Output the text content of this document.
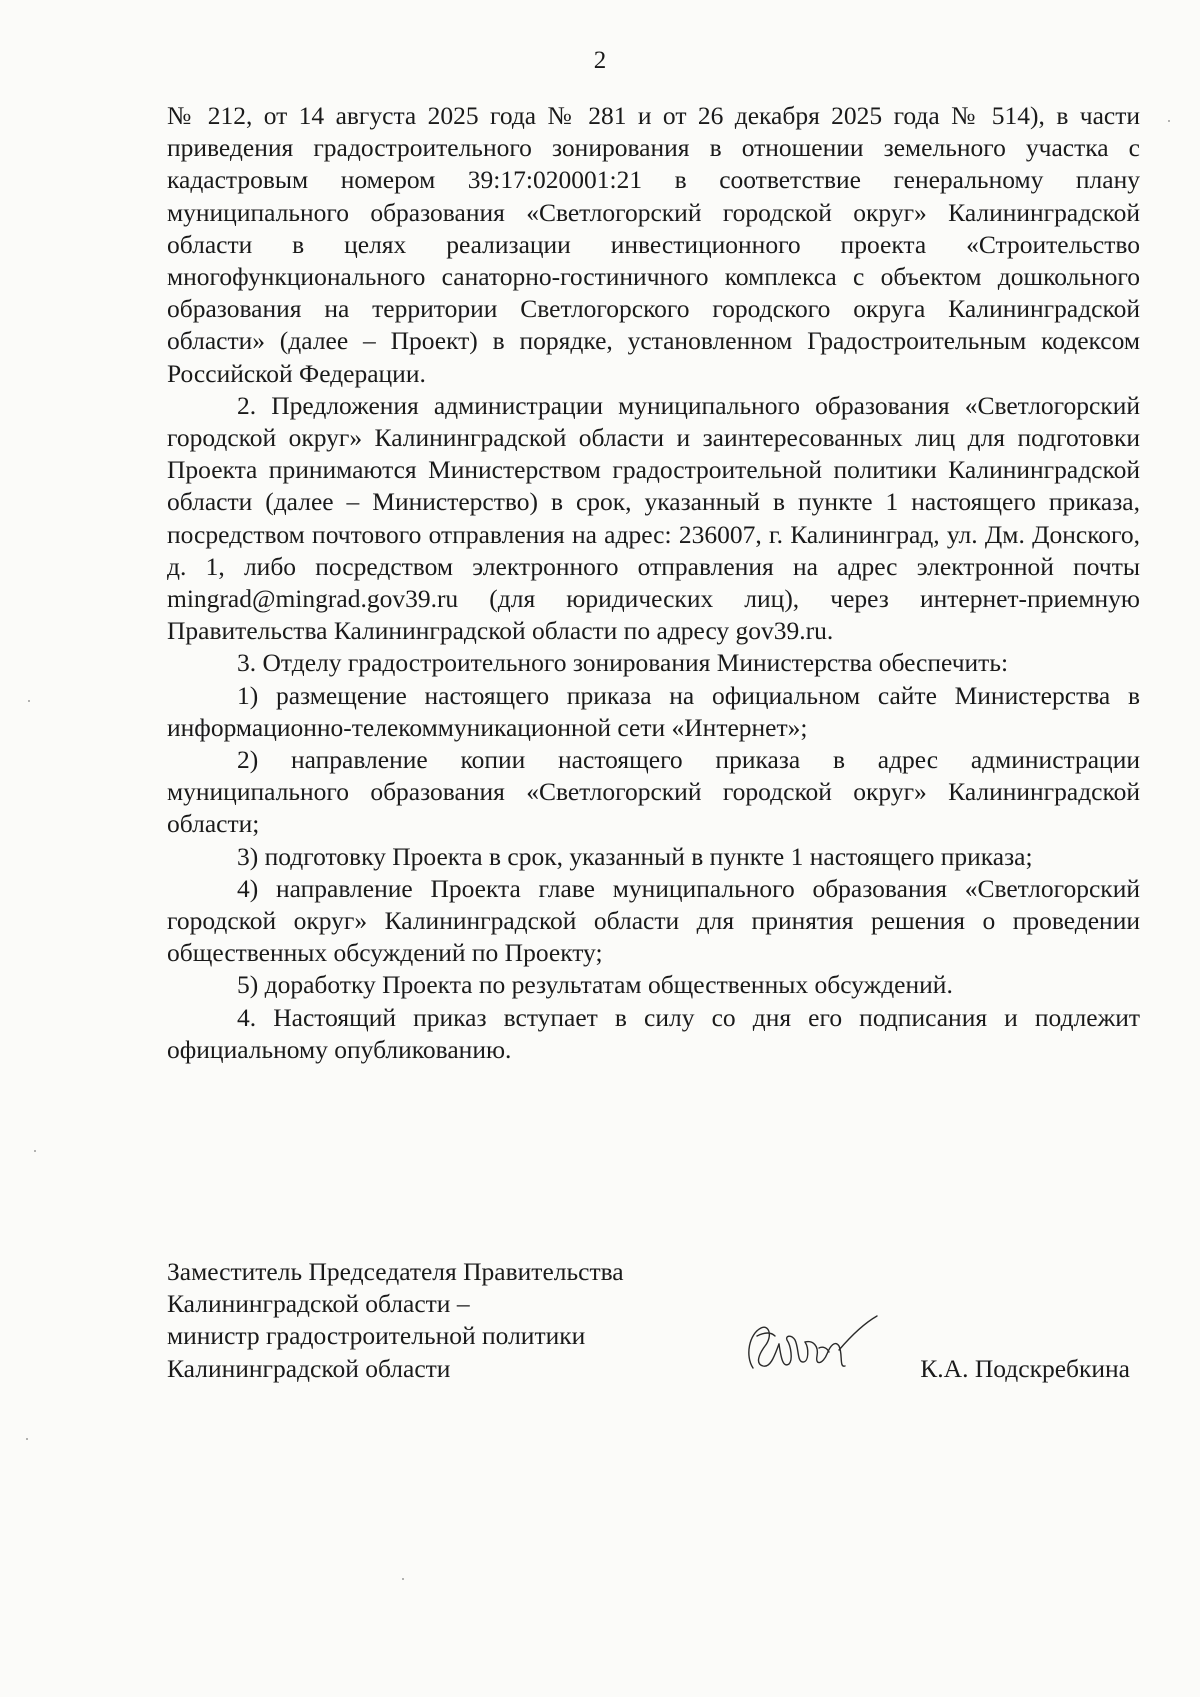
2

№ 212, от 14 августа 2025 года № 281 и от 26 декабря 2025 года № 514), в части приведения градостроительного зонирования в отношении земельного участка с кадастровым номером 39:17:020001:21 в соответствие генеральному плану муниципального образования «Светлогорский городской округ» Калининградской области в целях реализации инвестиционного проекта «Строительство многофункционального санаторно-гостиничного комплекса с объектом дошкольного образования на территории Светлогорского городского округа Калининградской области» (далее – Проект) в порядке, установленном Градостроительным кодексом Российской Федерации.

2. Предложения администрации муниципального образования «Светлогорский городской округ» Калининградской области и заинтересованных лиц для подготовки Проекта принимаются Министерством градостроительной политики Калининградской области (далее – Министерство) в срок, указанный в пункте 1 настоящего приказа, посредством почтового отправления на адрес: 236007, г. Калининград, ул. Дм. Донского, д. 1, либо посредством электронного отправления на адрес электронной почты mingrad@mingrad.gov39.ru (для юридических лиц), через интернет-приемную Правительства Калининградской области по адресу gov39.ru.

3. Отделу градостроительного зонирования Министерства обеспечить:

1) размещение настоящего приказа на официальном сайте Министерства в информационно-телекоммуникационной сети «Интернет»;

2) направление копии настоящего приказа в адрес администрации муниципального образования «Светлогорский городской округ» Калининградской области;

3) подготовку Проекта в срок, указанный в пункте 1 настоящего приказа;

4) направление Проекта главе муниципального образования «Светлогорский городской округ» Калининградской области для принятия решения о проведении общественных обсуждений по Проекту;

5) доработку Проекта по результатам общественных обсуждений.

4. Настоящий приказ вступает в силу со дня его подписания и подлежит официальному опубликованию.

Заместитель Председателя Правительства
Калининградской области –
министр градостроительной политики
Калининградской области	К.А. Подскребкина
